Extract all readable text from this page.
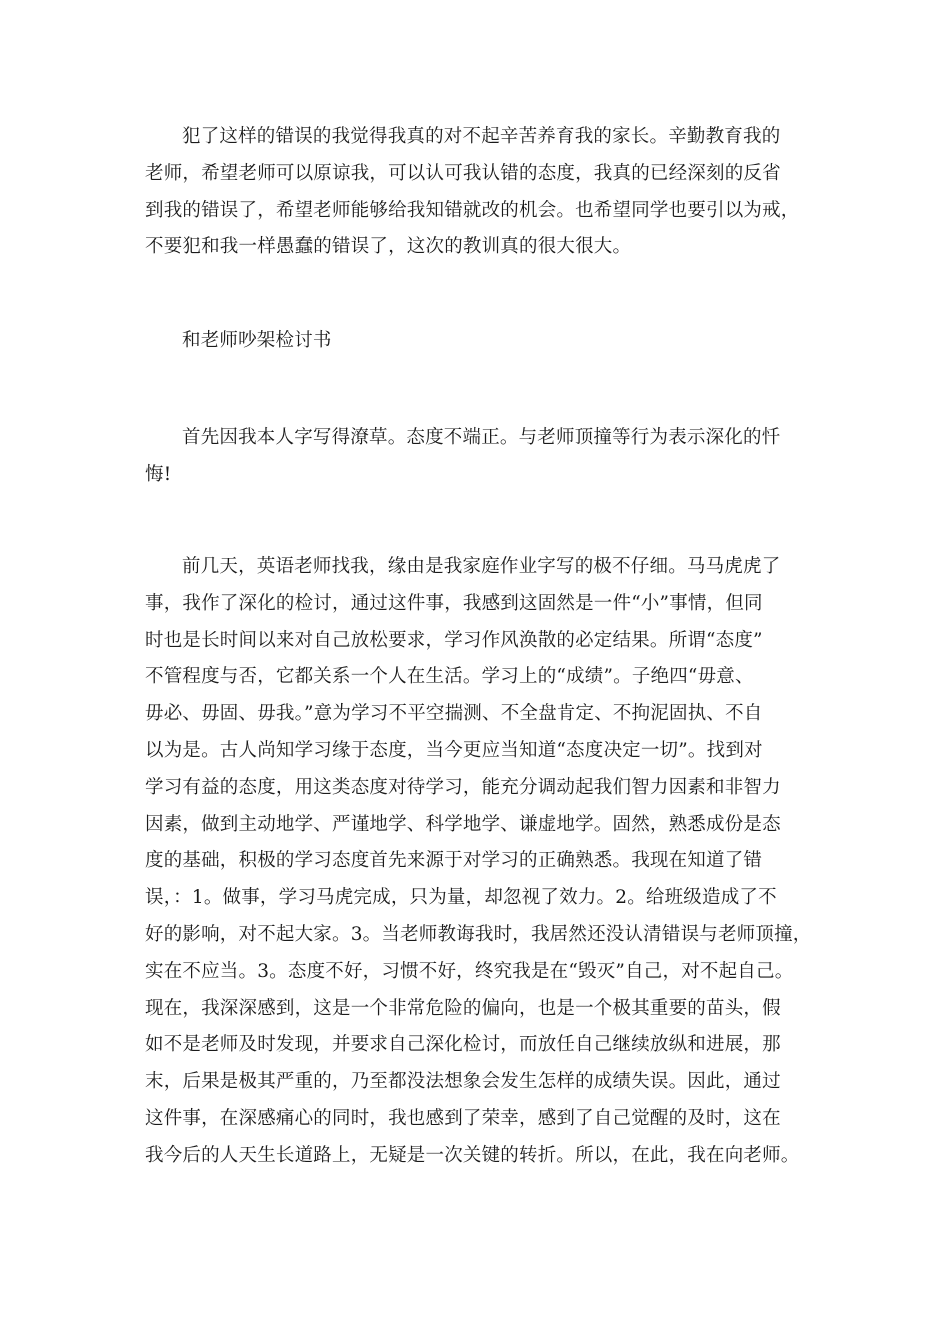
犯了这样的错误的我觉得我真的对不起辛苦养育我的家长。辛勤教育我的
老师，希望老师可以原谅我，可以认可我认错的态度，我真的已经深刻的反省
到我的错误了，希望老师能够给我知错就改的机会。也希望同学也要引以为戒，
不要犯和我一样愚蠢的错误了，这次的教训真的很大很大。
和老师吵架检讨书
首先因我本人字写得潦草。态度不端正。与老师顶撞等行为表示深化的忏
悔!
前几天，英语老师找我，缘由是我家庭作业字写的极不仔细。马马虎虎了
事，我作了深化的检讨，通过这件事，我感到这固然是一件“小”事情，但同
时也是长时间以来对自己放松要求，学习作风涣散的必定结果。所谓“态度”
不管程度与否，它都关系一个人在生活。学习上的“成绩”。子绝四“毋意、
毋必、毋固、毋我。”意为学习不平空揣测、不全盘肯定、不拘泥固执、不自
以为是。古人尚知学习缘于态度，当今更应当知道“态度决定一切”。找到对
学习有益的态度，用这类态度对待学习，能充分调动起我们智力因素和非智力
因素，做到主动地学、严谨地学、科学地学、谦虚地学。固然，熟悉成份是态
度的基础，积极的学习态度首先来源于对学习的正确熟悉。我现在知道了错
误，：1。做事，学习马虎完成，只为量，却忽视了效力。2。给班级造成了不
好的影响，对不起大家。3。当老师教诲我时，我居然还没认清错误与老师顶撞，
实在不应当。3。态度不好，习惯不好，终究我是在“毁灭”自己，对不起自己。
现在，我深深感到，这是一个非常危险的偏向，也是一个极其重要的苗头，假
如不是老师及时发现，并要求自己深化检讨，而放任自己继续放纵和进展，那
末，后果是极其严重的，乃至都没法想象会发生怎样的成绩失误。因此，通过
这件事，在深感痛心的同时，我也感到了荣幸，感到了自己觉醒的及时，这在
我今后的人天生长道路上，无疑是一次关键的转折。所以，在此，我在向老师。
